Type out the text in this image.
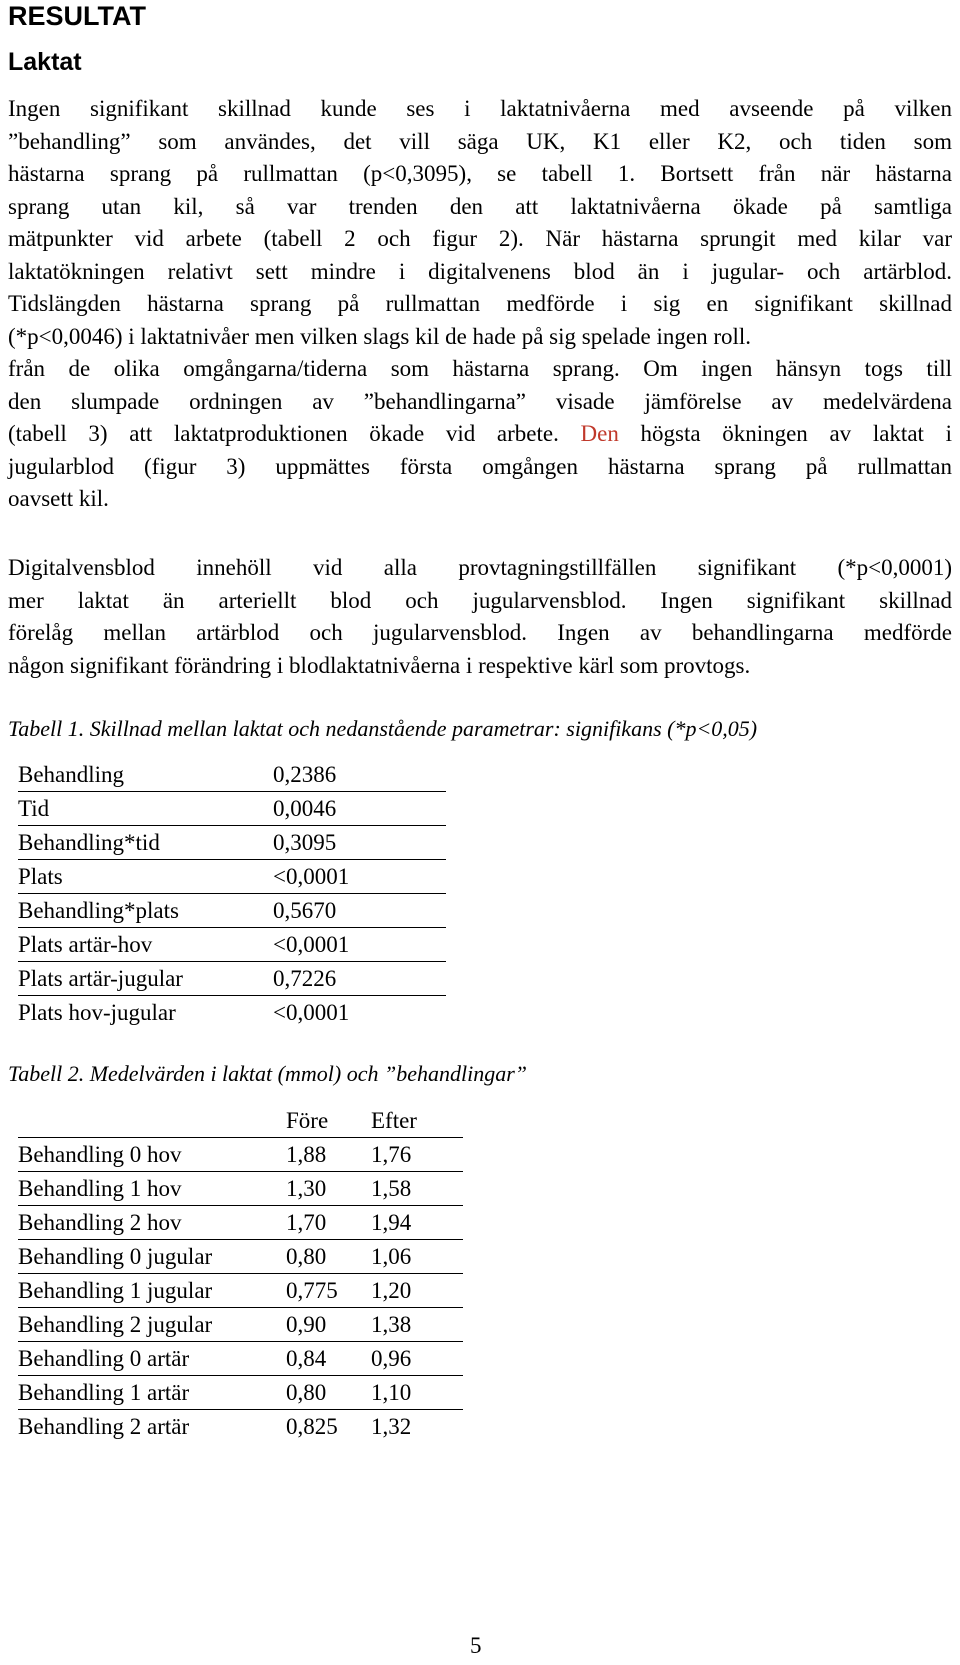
RESULTAT
Laktat
Ingen signifikant skillnad kunde ses i laktatnivåerna med avseende på vilken
”behandling” som användes, det vill säga UK, K1 eller K2, och tiden som
hästarna sprang på rullmattan (p<0,3095), se tabell 1. Bortsett från när hästarna
sprang utan kil, så var trenden den att laktatnivåerna ökade på samtliga
mätpunkter vid arbete (tabell 2 och figur 2). När hästarna sprungit med kilar var
laktatökningen relativt sett mindre i digitalvenens blod än i jugular- och artärblod.
Tidslängden hästarna sprang på rullmattan medförde i sig en signifikant skillnad
(*p<0,0046) i laktatnivåer men vilken slags kil de hade på sig spelade ingen roll.
från de olika omgångarna/tiderna som hästarna sprang. Om ingen hänsyn togs till
den slumpade ordningen av ”behandlingarna” visade jämförelse av medelvärdena
(tabell 3) att laktatproduktionen ökade vid arbete. Den högsta ökningen av laktat i
jugularblod (figur 3) uppmättes första omgången hästarna sprang på rullmattan
oavsett kil.
Digitalvensblod innehöll vid alla provtagningstillfällen signifikant (*p<0,0001)
mer laktat än arteriellt blod och jugularvensblod. Ingen signifikant skillnad
förelåg mellan artärblod och jugularvensblod. Ingen av behandlingarna medförde
någon signifikant förändring i blodlaktatnivåerna i respektive kärl som provtogs.

Tabell 1. Skillnad mellan laktat och nedanstående parametrar: signifikans (*p<0,05)

Behandling	0,2386
Tid	0,0046
Behandling*tid	0,3095
Plats	<0,0001
Behandling*plats	0,5670
Plats artär-hov	<0,0001
Plats artär-jugular	0,7226
Plats hov-jugular	<0,0001

Tabell 2. Medelvärden i laktat (mmol) och ”behandlingar”

	Före	Efter
Behandling 0 hov	1,88	1,76
Behandling 1 hov	1,30	1,58
Behandling 2 hov	1,70	1,94
Behandling 0 jugular	0,80	1,06
Behandling 1 jugular	0,775	1,20
Behandling 2 jugular	0,90	1,38
Behandling 0 artär	0,84	0,96
Behandling 1 artär	0,80	1,10
Behandling 2 artär	0,825	1,32
5
